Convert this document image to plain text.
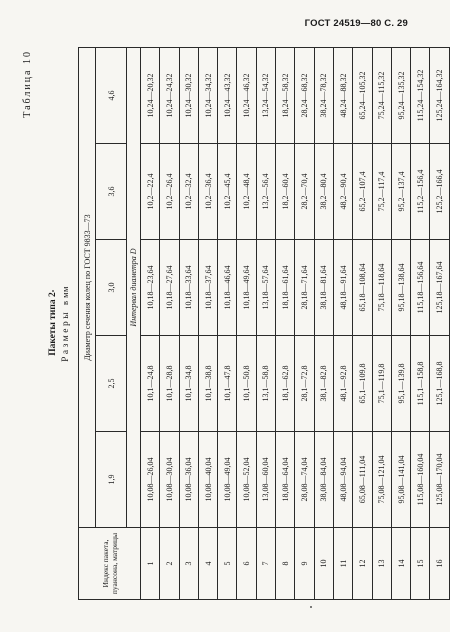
ГОСТ 24519—80 С. 29
Таблица 10
Пакеты типа 2 Размеры в мм
Индекс пакета, пуансона, матрицы	Диаметр сечения колец по ГОСТ 9833—73				
	1,9	2,5	3,0	3,6	4,6
	Интервал диаметра D				
1	10,08—26,04	10,1—24,8	10,18—23,64	10,2—22,4	10,24—20,32
2	10,08—30,04	10,1—28,8	10,18—27,64	10,2—26,4	10,24—24,32
3	10,08—36,04	10,1—34,8	10,18—33,64	10,2—32,4	10,24—30,32
4	10,08—40,04	10,1—38,8	10,18—37,64	10,2—36,4	10,24—34,32
5	10,08—49,04	10,1—47,8	10,18—46,64	10,2—45,4	10,24—43,32
6	10,08—52,04	10,1—50,8	10,18—49,64	10,2—48,4	10,24—46,32
7	13,08—60,04	13,1—58,8	13,18—57,64	13,2—56,4	13,24—54,32
8	18,08—64,04	18,1—62,8	18,18—61,64	18,2—60,4	18,24—58,32
9	28,08—74,04	28,1—72,8	28,18—71,64	28,2—70,4	28,24—68,32
10	38,08—84,04	38,1—82,8	38,18—81,64	38,2—80,4	38,24—78,32
11	48,08—94,04	48,1—92,8	48,18—91,64	48,2—90,4	48,24—88,32
12	65,08—111,04	65,1—109,8	65,18—108,64	65,2—107,4	65,24—105,32
13	75,08—121,04	75,1—119,8	75,18—118,64	75,2—117,4	75,24—115,32
14	95,08—141,04	95,1—139,8	95,18—138,64	95,2—137,4	95,24—135,32
15	115,08—160,04	115,1—158,8	115,18—156,64	115,2—156,4	115,24—154,32
16	125,08—170,04	125,1—168,8	125,18—167,64	125,2—166,4	125,24—164,32
